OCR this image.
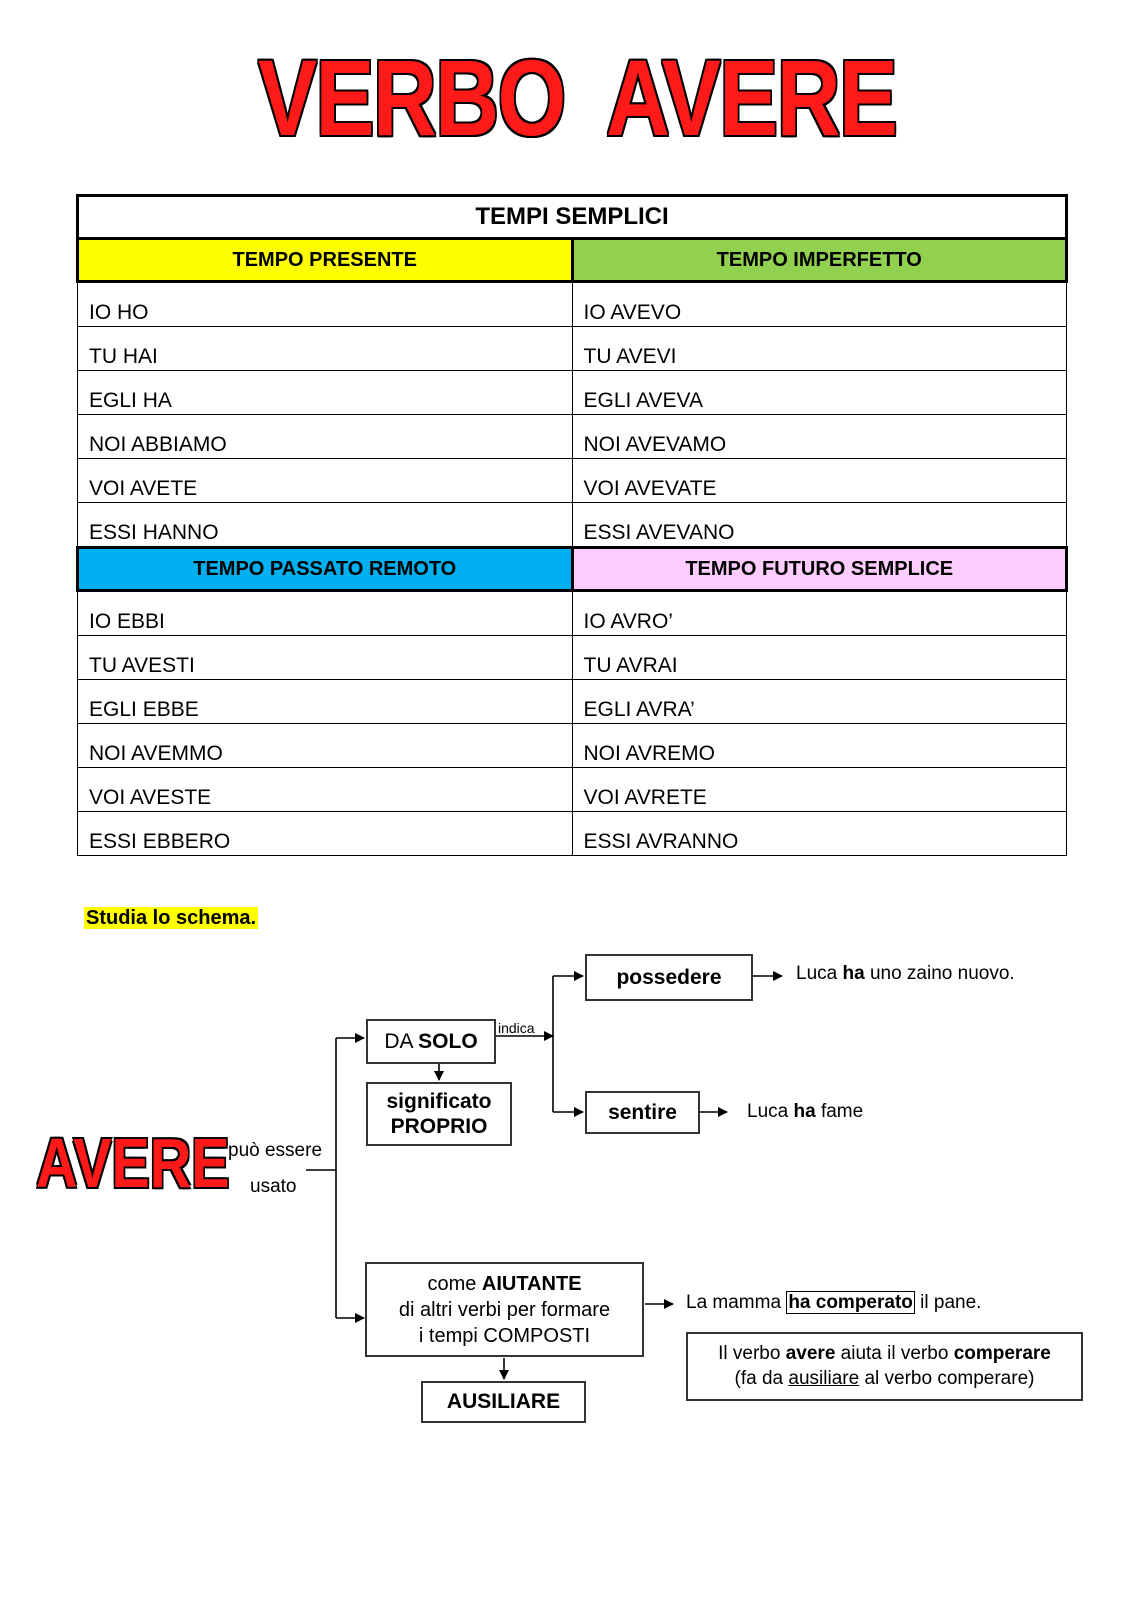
VERBO AVERE
TEMPI SEMPLICI	
TEMPO PRESENTE	TEMPO IMPERFETTO
IO HO	IO AVEVO
TU HAI	TU AVEVI
EGLI HA	EGLI AVEVA
NOI ABBIAMO	NOI AVEVAMO
VOI AVETE	VOI AVEVATE
ESSI HANNO	ESSI AVEVANO
TEMPO PASSATO REMOTO	TEMPO FUTURO SEMPLICE
IO EBBI	IO AVRO’
TU AVESTI	TU AVRAI
EGLI EBBE	EGLI AVRA’
NOI AVEMMO	NOI AVREMO
VOI AVESTE	VOI AVRETE
ESSI EBBERO	ESSI AVRANNO
Studia lo schema.
AVERE
può essere
usato
DA SOLO
indica
significato
PROPRIO
possedere	Luca ha uno zaino nuovo.
sentire	Luca ha fame
come AIUTANTE
di altri verbi per formare
i tempi COMPOSTI
AUSILIARE
La mamma ha comperato il pane.
Il verbo avere aiuta il verbo comperare
(fa da ausiliare al verbo comperare)
